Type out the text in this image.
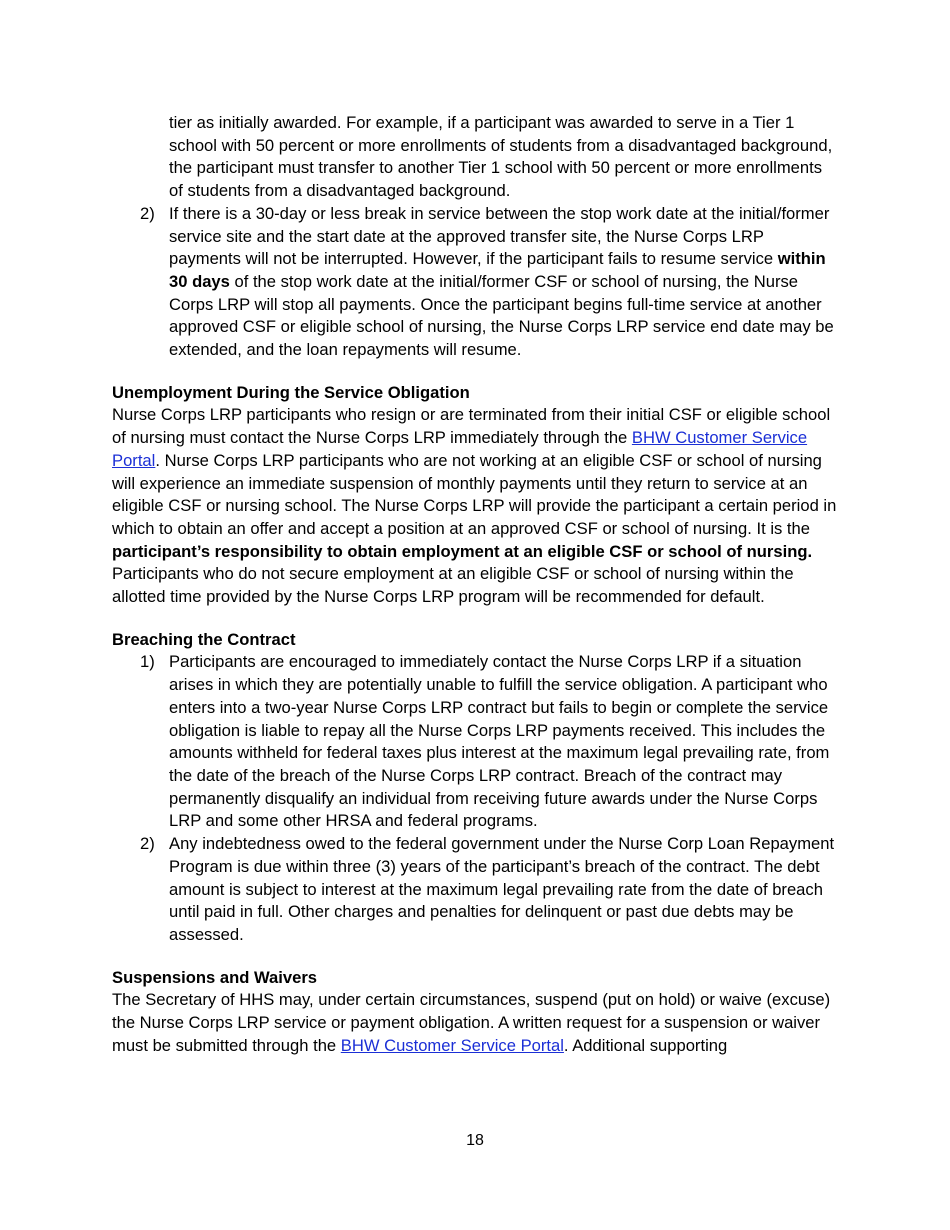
tier as initially awarded. For example, if a participant was awarded to serve in a Tier 1 school with 50 percent or more enrollments of students from a disadvantaged background, the participant must transfer to another Tier 1 school with 50 percent or more enrollments of students from a disadvantaged background.
2) If there is a 30-day or less break in service between the stop work date at the initial/former service site and the start date at the approved transfer site, the Nurse Corps LRP payments will not be interrupted. However, if the participant fails to resume service within 30 days of the stop work date at the initial/former CSF or school of nursing, the Nurse Corps LRP will stop all payments. Once the participant begins full-time service at another approved CSF or eligible school of nursing, the Nurse Corps LRP service end date may be extended, and the loan repayments will resume.
Unemployment During the Service Obligation
Nurse Corps LRP participants who resign or are terminated from their initial CSF or eligible school of nursing must contact the Nurse Corps LRP immediately through the BHW Customer Service Portal. Nurse Corps LRP participants who are not working at an eligible CSF or school of nursing will experience an immediate suspension of monthly payments until they return to service at an eligible CSF or nursing school. The Nurse Corps LRP will provide the participant a certain period in which to obtain an offer and accept a position at an approved CSF or school of nursing. It is the participant’s responsibility to obtain employment at an eligible CSF or school of nursing. Participants who do not secure employment at an eligible CSF or school of nursing within the allotted time provided by the Nurse Corps LRP program will be recommended for default.
Breaching the Contract
1) Participants are encouraged to immediately contact the Nurse Corps LRP if a situation arises in which they are potentially unable to fulfill the service obligation. A participant who enters into a two-year Nurse Corps LRP contract but fails to begin or complete the service obligation is liable to repay all the Nurse Corps LRP payments received. This includes the amounts withheld for federal taxes plus interest at the maximum legal prevailing rate, from the date of the breach of the Nurse Corps LRP contract. Breach of the contract may permanently disqualify an individual from receiving future awards under the Nurse Corps LRP and some other HRSA and federal programs.
2) Any indebtedness owed to the federal government under the Nurse Corp Loan Repayment Program is due within three (3) years of the participant’s breach of the contract. The debt amount is subject to interest at the maximum legal prevailing rate from the date of breach until paid in full. Other charges and penalties for delinquent or past due debts may be assessed.
Suspensions and Waivers
The Secretary of HHS may, under certain circumstances, suspend (put on hold) or waive (excuse) the Nurse Corps LRP service or payment obligation. A written request for a suspension or waiver must be submitted through the BHW Customer Service Portal. Additional supporting
18
